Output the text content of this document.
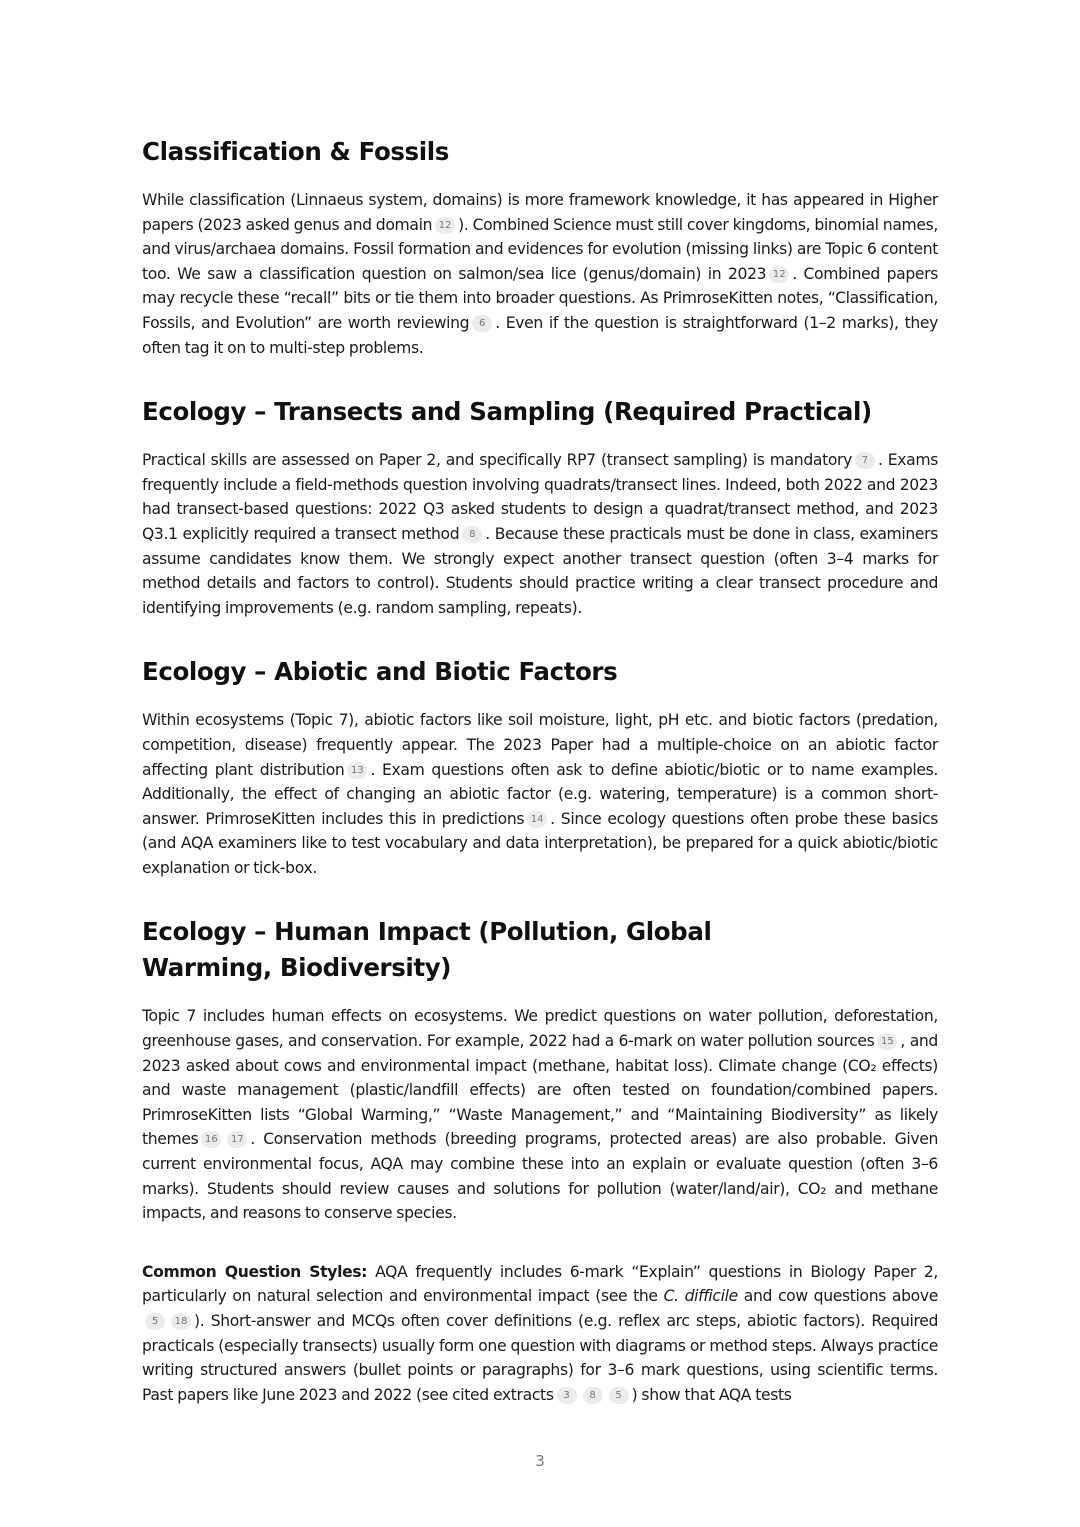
Classification & Fossils

While classification (Linnaeus system, domains) is more framework knowledge, it has appeared in Higher papers (2023 asked genus and domain 12 ). Combined Science must still cover kingdoms, binomial names, and virus/archaea domains. Fossil formation and evidences for evolution (missing links) are Topic 6 content too. We saw a classification question on salmon/sea lice (genus/domain) in 2023 12 . Combined papers may recycle these “recall” bits or tie them into broader questions. As PrimroseKitten notes, “Classification, Fossils, and Evolution” are worth reviewing 6 . Even if the question is straightforward (1–2 marks), they often tag it on to multi-step problems.

Ecology – Transects and Sampling (Required Practical)

Practical skills are assessed on Paper 2, and specifically RP7 (transect sampling) is mandatory 7 . Exams frequently include a field-methods question involving quadrats/transect lines. Indeed, both 2022 and 2023 had transect-based questions: 2022 Q3 asked students to design a quadrat/transect method, and 2023 Q3.1 explicitly required a transect method 8 . Because these practicals must be done in class, examiners assume candidates know them. We strongly expect another transect question (often 3–4 marks for method details and factors to control). Students should practice writing a clear transect procedure and identifying improvements (e.g. random sampling, repeats).

Ecology – Abiotic and Biotic Factors

Within ecosystems (Topic 7), abiotic factors like soil moisture, light, pH etc. and biotic factors (predation, competition, disease) frequently appear. The 2023 Paper had a multiple-choice on an abiotic factor affecting plant distribution 13 . Exam questions often ask to define abiotic/biotic or to name examples. Additionally, the effect of changing an abiotic factor (e.g. watering, temperature) is a common short-answer. PrimroseKitten includes this in predictions 14 . Since ecology questions often probe these basics (and AQA examiners like to test vocabulary and data interpretation), be prepared for a quick abiotic/biotic explanation or tick-box.

Ecology – Human Impact (Pollution, Global Warming, Biodiversity)

Topic 7 includes human effects on ecosystems. We predict questions on water pollution, deforestation, greenhouse gases, and conservation. For example, 2022 had a 6-mark on water pollution sources 15 , and 2023 asked about cows and environmental impact (methane, habitat loss). Climate change (CO₂ effects) and waste management (plastic/landfill effects) are often tested on foundation/combined papers. PrimroseKitten lists “Global Warming,” “Waste Management,” and “Maintaining Biodiversity” as likely themes 16 17 . Conservation methods (breeding programs, protected areas) are also probable. Given current environmental focus, AQA may combine these into an explain or evaluate question (often 3–6 marks). Students should review causes and solutions for pollution (water/land/air), CO₂ and methane impacts, and reasons to conserve species.

Common Question Styles: AQA frequently includes 6-mark “Explain” questions in Biology Paper 2, particularly on natural selection and environmental impact (see the C. difficile and cow questions above 5 18 ). Short-answer and MCQs often cover definitions (e.g. reflex arc steps, abiotic factors). Required practicals (especially transects) usually form one question with diagrams or method steps. Always practice writing structured answers (bullet points or paragraphs) for 3–6 mark questions, using scientific terms. Past papers like June 2023 and 2022 (see cited extracts 3 8 5 ) show that AQA tests

3
